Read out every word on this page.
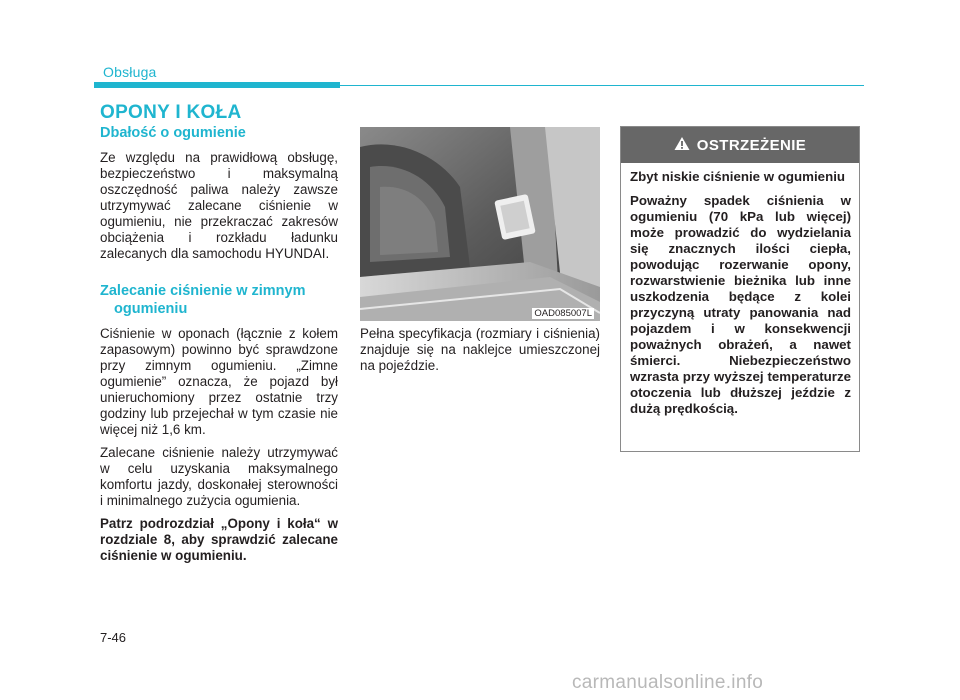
Obsługa
OPONY I KOŁA
Dbałość o ogumienie

Ze względu na prawidłową obsługę, bezpieczeństwo i maksymalną oszczędność paliwa należy zawsze utrzymywać zalecane ciśnienie w ogumieniu, nie przekraczać zakresów obciążenia i rozkładu ładunku zalecanych dla samochodu HYUNDAI.

Zalecanie ciśnienie w zimnym
ogumieniu

Ciśnienie w oponach (łącznie z kołem zapasowym) powinno być sprawdzone przy zimnym ogumieniu. „Zimne ogumienie” oznacza, że pojazd był unieruchomiony przez ostatnie trzy godziny lub przejechał w tym czasie nie więcej niż 1,6 km.

Zalecane ciśnienie należy utrzymywać w celu uzyskania maksymalnego komfortu jazdy, doskonałej sterowności i minimalnego zużycia ogumienia.

Patrz podrozdział „Opony i koła“ w rozdziale 8, aby sprawdzić zalecane ciśnienie w ogumieniu.

OAD085007L

Pełna specyfikacja (rozmiary i ciśnienia) znajduje się na naklejce umieszczonej na pojeździe.

OSTRZEŻENIE

Zbyt niskie ciśnienie w ogumieniu

Poważny spadek ciśnienia w ogumieniu (70 kPa lub więcej) może prowadzić do wydzielania się znacznych ilości ciepła, powodując rozerwanie opony, rozwarstwienie bieżnika lub inne uszkodzenia będące z kolei przyczyną utraty panowania nad pojazdem i w konsekwencji poważnych obrażeń, a nawet śmierci. Niebezpieczeństwo wzrasta przy wyższej temperaturze otoczenia lub dłuższej jeździe z dużą prędkością.

7-46
carmanualsonline.info
